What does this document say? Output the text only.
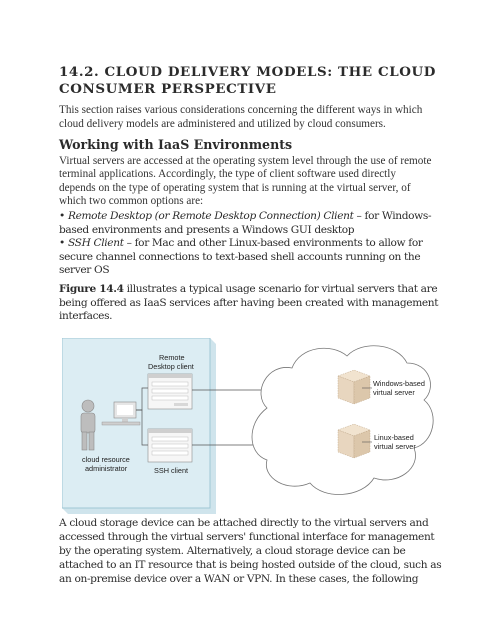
14.2. CLOUD DELIVERY MODELS: THE CLOUD
CONSUMER PERSPECTIVE
This section raises various considerations concerning the different ways in which
cloud delivery models are administered and utilized by cloud consumers.
Working with IaaS Environments
Virtual servers are accessed at the operating system level through the use of remote
terminal applications. Accordingly, the type of client software used directly
depends on the type of operating system that is running at the virtual server, of
which two common options are:
• Remote Desktop (or Remote Desktop Connection) Client – for Windows-
based environments and presents a Windows GUI desktop
• SSH Client – for Mac and other Linux-based environments to allow for
secure channel connections to text-based shell accounts running on the
server OS
Figure 14.4 illustrates a typical usage scenario for virtual servers that are
being offered as IaaS services after having been created with management
interfaces.
A cloud storage device can be attached directly to the virtual servers and
accessed through the virtual servers' functional interface for management
by the operating system. Alternatively, a cloud storage device can be
attached to an IT resource that is being hosted outside of the cloud, such as
an on-premise device over a WAN or VPN. In these cases, the following
cloud resource
administrator
Remote
Desktop client
SSH client
Windows-based
virtual server
Linux-based
virtual server
